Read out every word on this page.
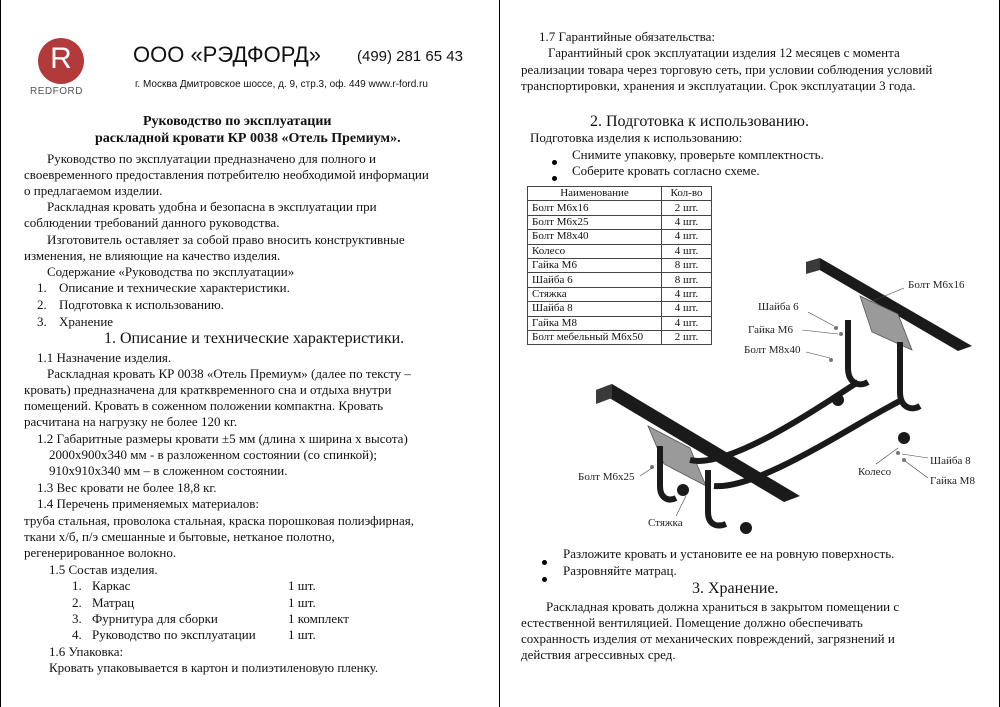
R
REDFORD
ООО «РЭДФОРД» (499) 281 65 43
г. Москва Дмитровское шоссе, д. 9, стр.3, оф. 449 www.r-ford.ru
Руководство по эксплуатации
раскладной кровати КР 0038 «Отель Премиум».
Руководство по эксплуатации предназначено для полного и
своевременного предоставления потребителю необходимой информации
о предлагаемом изделии.
Раскладная кровать удобна и безопасна в эксплуатации при
соблюдении требований данного руководства.
Изготовитель оставляет за собой право вносить конструктивные
изменения, не влияющие на качество изделия.
Содержание «Руководства по эксплуатации»
1. Описание и технические характеристики.
2. Подготовка к использованию.
3. Хранение
1. Описание и технические характеристики.
1.1 Назначение изделия.
Раскладная кровать КР 0038 «Отель Премиум» (далее по тексту –
кровать) предназначена для кратквременного сна и отдыха внутри
помещений. Кровать в соженном положении компактна. Кровать
расчитана на нагрузку не более 120 кг.
1.2 Габаритные размеры кровати ±5 мм (длина х ширина х высота)
2000х900х340 мм - в разложенном состоянии (со спинкой);
910х910х340 мм – в сложенном состоянии.
1.3 Вес кровати не более 18,8 кг.
1.4 Перечень применяемых материалов:
труба стальная, проволока стальная, краска порошковая полиэфирная,
ткани х/б, п/э смешанные и бытовые, нетканое полотно,
регенерированное волокно.
1.5 Состав изделия.
1. Каркас	1 шт.
2. Матрац	1 шт.
3. Фурнитура для сборки	1 комплект
4. Руководство по эксплуатации 1 шт.
1.6 Упаковка:
Кровать упаковывается в картон и полиэтиленовую пленку.
1.7 Гарантийные обязательства:
Гарантийный срок эксплуатации изделия 12 месяцев с момента
реализации товара через торговую сеть, при условии соблюдения условий
транспортировки, хранения и эксплуатации. Срок эксплуатации 3 года.
2. Подготовка к использованию.
Подготовка изделия к использованию:
Снимите упаковку, проверьте комплектность.
Соберите кровать согласно схеме.
Наименование	Кол-во
Болт М6х16	2 шт.
Болт М6х25	4 шт.
Болт М8х40	4 шт.
Колесо	4 шт.
Гайка М6	8 шт.
Шайба 6	8 шт.
Стяжка	4 шт.
Шайба 8	4 шт.
Гайка М8	4 шт.
Болт мебельный М6х50	2 шт.
Болт М6х16
Шайба 6
Гайка М6
Болт М8х40
Болт М6х25
Стяжка
Колесо
Шайба 8
Гайка М8
Разложите кровать и установите ее на ровную поверхность.
Разровняйте матрац.
3. Хранение.
Раскладная кровать должна храниться в закрытом помещении с
естественной вентиляцией. Помещение должно обеспечивать
сохранность изделия от механических повреждений, загрязнений и
действия агрессивных сред.
